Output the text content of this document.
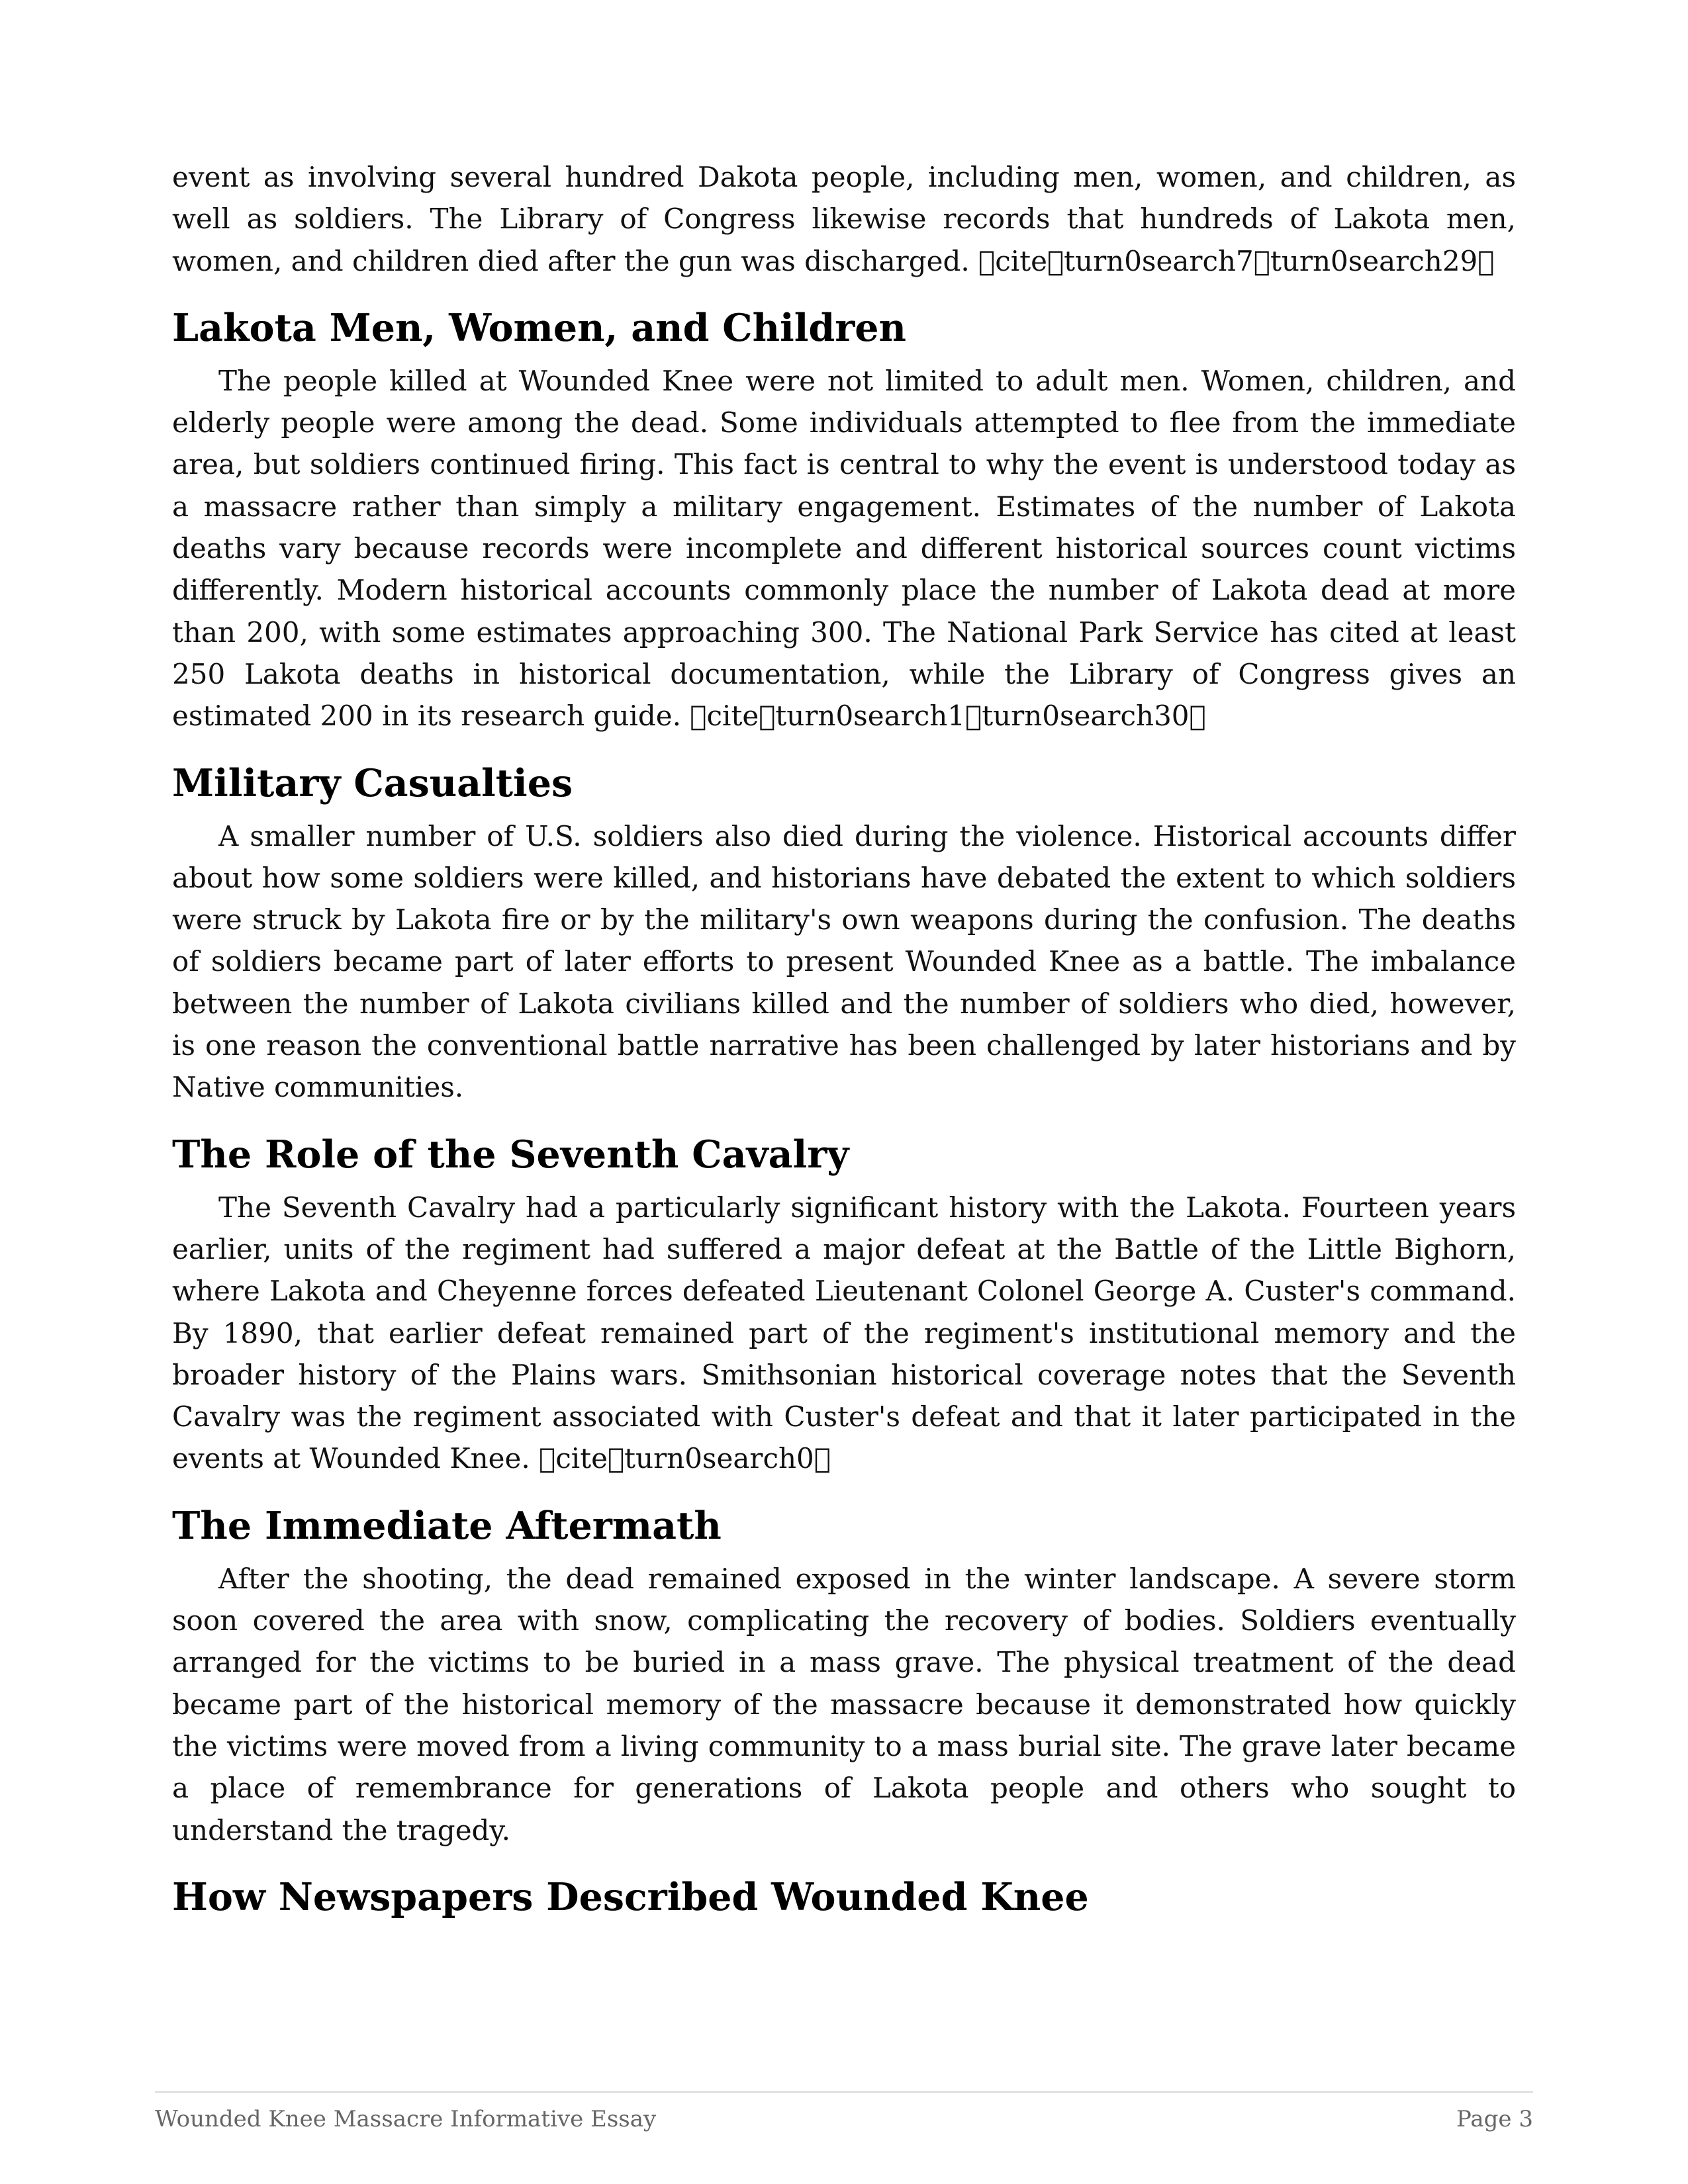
event as involving several hundred Dakota people, including men, women, and children, as well as soldiers. The Library of Congress likewise records that hundreds of Lakota men, women, and children died after the gun was discharged. cite turn0search7 turn0search29

Lakota Men, Women, and Children

The people killed at Wounded Knee were not limited to adult men. Women, children, and elderly people were among the dead. Some individuals attempted to flee from the immediate area, but soldiers continued firing. This fact is central to why the event is understood today as a massacre rather than simply a military engagement. Estimates of the number of Lakota deaths vary because records were incomplete and different historical sources count victims differently. Modern historical accounts commonly place the number of Lakota dead at more than 200, with some estimates approaching 300. The National Park Service has cited at least 250 Lakota deaths in historical documentation, while the Library of Congress gives an estimated 200 in its research guide. cite turn0search1 turn0search30

Military Casualties

A smaller number of U.S. soldiers also died during the violence. Historical accounts differ about how some soldiers were killed, and historians have debated the extent to which soldiers were struck by Lakota fire or by the military's own weapons during the confusion. The deaths of soldiers became part of later efforts to present Wounded Knee as a battle. The imbalance between the number of Lakota civilians killed and the number of soldiers who died, however, is one reason the conventional battle narrative has been challenged by later historians and by Native communities.

The Role of the Seventh Cavalry

The Seventh Cavalry had a particularly significant history with the Lakota. Fourteen years earlier, units of the regiment had suffered a major defeat at the Battle of the Little Bighorn, where Lakota and Cheyenne forces defeated Lieutenant Colonel George A. Custer's command. By 1890, that earlier defeat remained part of the regiment's institutional memory and the broader history of the Plains wars. Smithsonian historical coverage notes that the Seventh Cavalry was the regiment associated with Custer's defeat and that it later participated in the events at Wounded Knee. cite turn0search0

The Immediate Aftermath

After the shooting, the dead remained exposed in the winter landscape. A severe storm soon covered the area with snow, complicating the recovery of bodies. Soldiers eventually arranged for the victims to be buried in a mass grave. The physical treatment of the dead became part of the historical memory of the massacre because it demonstrated how quickly the victims were moved from a living community to a mass burial site. The grave later became a place of remembrance for generations of Lakota people and others who sought to understand the tragedy.

How Newspapers Described Wounded Knee
Wounded Knee Massacre Informative Essay	Page 3
